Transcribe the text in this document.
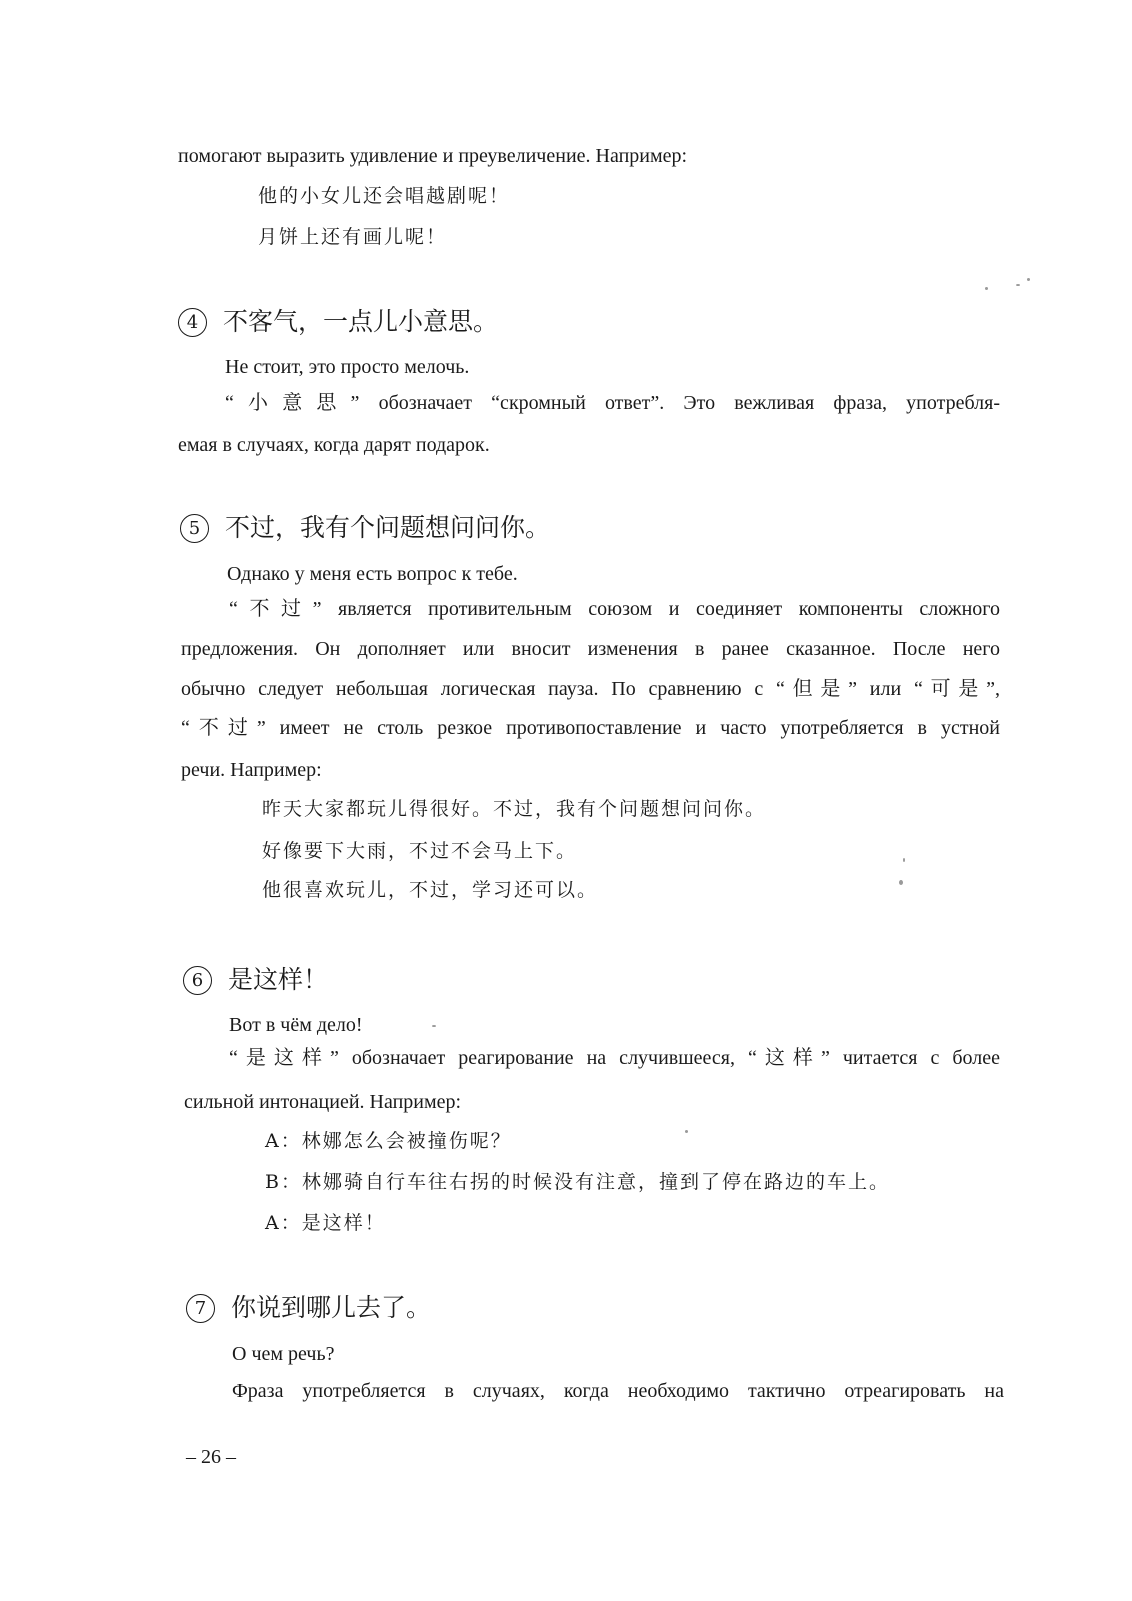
помогают выразить удивление и преувеличение. Например:
他的小女儿还会唱越剧呢！
月饼上还有画儿呢！
4 不客气，一点儿小意思。
Не стоит, это просто мелочь.
“小意思” обозначает “скромный ответ”. Это вежливая фраза, употребля-
емая в случаях, когда дарят подарок.
5 不过，我有个问题想问问你。
Однако у меня есть вопрос к тебе.
“不过” является противительным союзом и соединяет компоненты сложного
предложения. Он дополняет или вносит изменения в ранее сказанное. После него
обычно следует небольшая логическая пауза. По сравнению с “但是” или “可是”,
“不过” имеет не столь резкое противопоставление и часто употребляется в устной
речи. Например:
昨天大家都玩儿得很好。不过，我有个问题想问问你。
好像要下大雨，不过不会马上下。
他很喜欢玩儿，不过，学习还可以。
6 是这样！
Вот в чём дело!
“是这样” обозначает реагирование на случившееся, “这样” читается с более
сильной интонацией. Например:
A：林娜怎么会被撞伤呢？
B：林娜骑自行车往右拐的时候没有注意，撞到了停在路边的车上。
A：是这样！
7 你说到哪儿去了。
О чем речь?
Фраза употребляется в случаях, когда необходимо тактично отреагировать на
– 26 –
